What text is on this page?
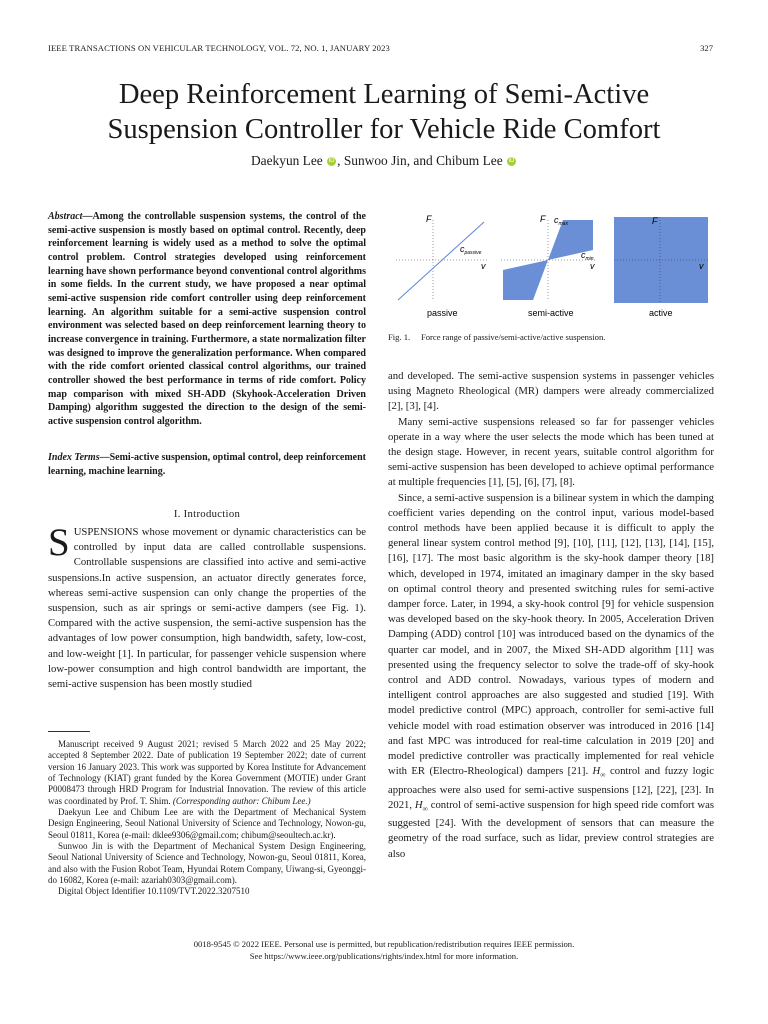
IEEE TRANSACTIONS ON VEHICULAR TECHNOLOGY, VOL. 72, NO. 1, JANUARY 2023	327
Deep Reinforcement Learning of Semi-Active
Suspension Controller for Vehicle Ride Comfort
Daekyun Lee iD , Sunwoo Jin, and Chibum Lee iD
Abstract—Among the controllable suspension systems, the control of the semi-active suspension is mostly based on optimal control. Recently, deep reinforcement learning is widely used as a method to solve the optimal control problem. Control strategies developed using reinforcement learning have shown performance beyond conventional control algorithms in some fields. In the current study, we have proposed a near optimal semi-active suspension ride comfort controller using deep reinforcement learning. An algorithm suitable for a semi-active suspension control environment was selected based on deep reinforcement learning theory to increase convergence in training. Furthermore, a state normalization filter was designed to improve the generalization performance. When compared with the ride comfort oriented classical control algorithms, our trained controller showed the best performance in terms of ride comfort. Policy map comparison with mixed SH-ADD (Skyhook-Acceleration Driven Damping) algorithm suggested the direction to the design of the semi-active suspension control algorithm.
Index Terms—Semi-active suspension, optimal control, deep reinforcement learning, machine learning.
I. Introduction

SUSPENSIONS whose movement or dynamic characteristics can be controlled by input data are called controllable suspensions. Controllable suspensions are classified into active and semi-active suspensions.In active suspension, an actuator directly generates force, whereas semi-active suspension can only change the properties of the suspension, such as air springs or semi-active dampers (see Fig. 1). Compared with the active suspension, the semi-active suspension has the advantages of low power consumption, high bandwidth, safety, low-cost, and low-weight [1]. In particular, for passenger vehicle suspension where low-power consumption and high control bandwidth are important, the semi-active suspension has been mostly studied

Manuscript received 9 August 2021; revised 5 March 2022 and 25 May 2022; accepted 8 September 2022. Date of publication 19 September 2022; date of current version 16 January 2023. This work was supported by Korea Institute for Advancement of Technology (KIAT) grant funded by the Korea Government (MOTIE) under Grant P0008473 through HRD Program for Industrial Innovation. The review of this article was coordinated by Prof. T. Shim. (Corresponding author: Chibum Lee.)

Daekyun Lee and Chibum Lee are with the Department of Mechanical System Design Engineering, Seoul National University of Science and Technology, Nowon-gu, Seoul 01811, Korea (e-mail: dklee9306@gmail.com; chibum@seoultech.ac.kr).

Sunwoo Jin is with the Department of Mechanical System Design Engineering, Seoul National University of Science and Technology, Nowon-gu, Seoul 01811, Korea, and also with the Fusion Robot Team, Hyundai Rotem Company, Uiwang-si, Gyeonggi-do 16082, Korea (e-mail: azariah0303@gmail.com).

Digital Object Identifier 10.1109/TVT.2022.3207510

F
v
$c_{passive}$
passive
F
v
$c_{max}$
$c_{min}$
semi-active
F
v
active
Fig. 1.  Force range of passive/semi-active/active suspension.

and developed. The semi-active suspension systems in passenger vehicles using Magneto Rheological (MR) dampers were already commercialized [2], [3], [4].

Many semi-active suspensions released so far for passenger vehicles operate in a way where the user selects the mode which has been tuned at the design stage. However, in recent years, suitable control algorithm for semi-active suspension has been developed to achieve optimal performance at multiple frequencies [1], [5], [6], [7], [8].

Since, a semi-active suspension is a bilinear system in which the damping coefficient varies depending on the control input, various model-based control methods have been applied because it is difficult to apply the general linear system control method [9], [10], [11], [12], [13], [14], [15], [16], [17]. The most basic algorithm is the sky-hook damper theory [18] which, developed in 1974, imitated an imaginary damper in the sky based on optimal control theory and presented switching rules for semi-active damper force. Later, in 1994, a sky-hook control [9] for vehicle suspension was developed based on the sky-hook theory. In 2005, Acceleration Driven Damping (ADD) control [10] was introduced based on the dynamics of the quarter car model, and in 2007, the Mixed SH-ADD algorithm [11] was presented using the frequency selector to solve the trade-off of sky-hook control and ADD control. Nowadays, various types of modern and intelligent control approaches are also suggested and studied [19]. With model predictive control (MPC) approach, controller for semi-active full vehicle model with road estimation observer was introduced in 2016 [14] and fast MPC was introduced for real-time calculation in 2019 [20] and model predictive controller was practically implemented for real vehicle with ER (Electro-Rheological) dampers [21]. $H_\infty$ control and fuzzy logic approaches were also used for semi-active suspensions [12], [22], [23]. In 2021, $H_\infty$ control of semi-active suspension for high speed ride comfort was suggested [24]. With the development of sensors that can measure the geometry of the road surface, such as lidar, preview control strategies are also

0018-9545 © 2022 IEEE. Personal use is permitted, but republication/redistribution requires IEEE permission.
See https://www.ieee.org/publications/rights/index.html for more information.
